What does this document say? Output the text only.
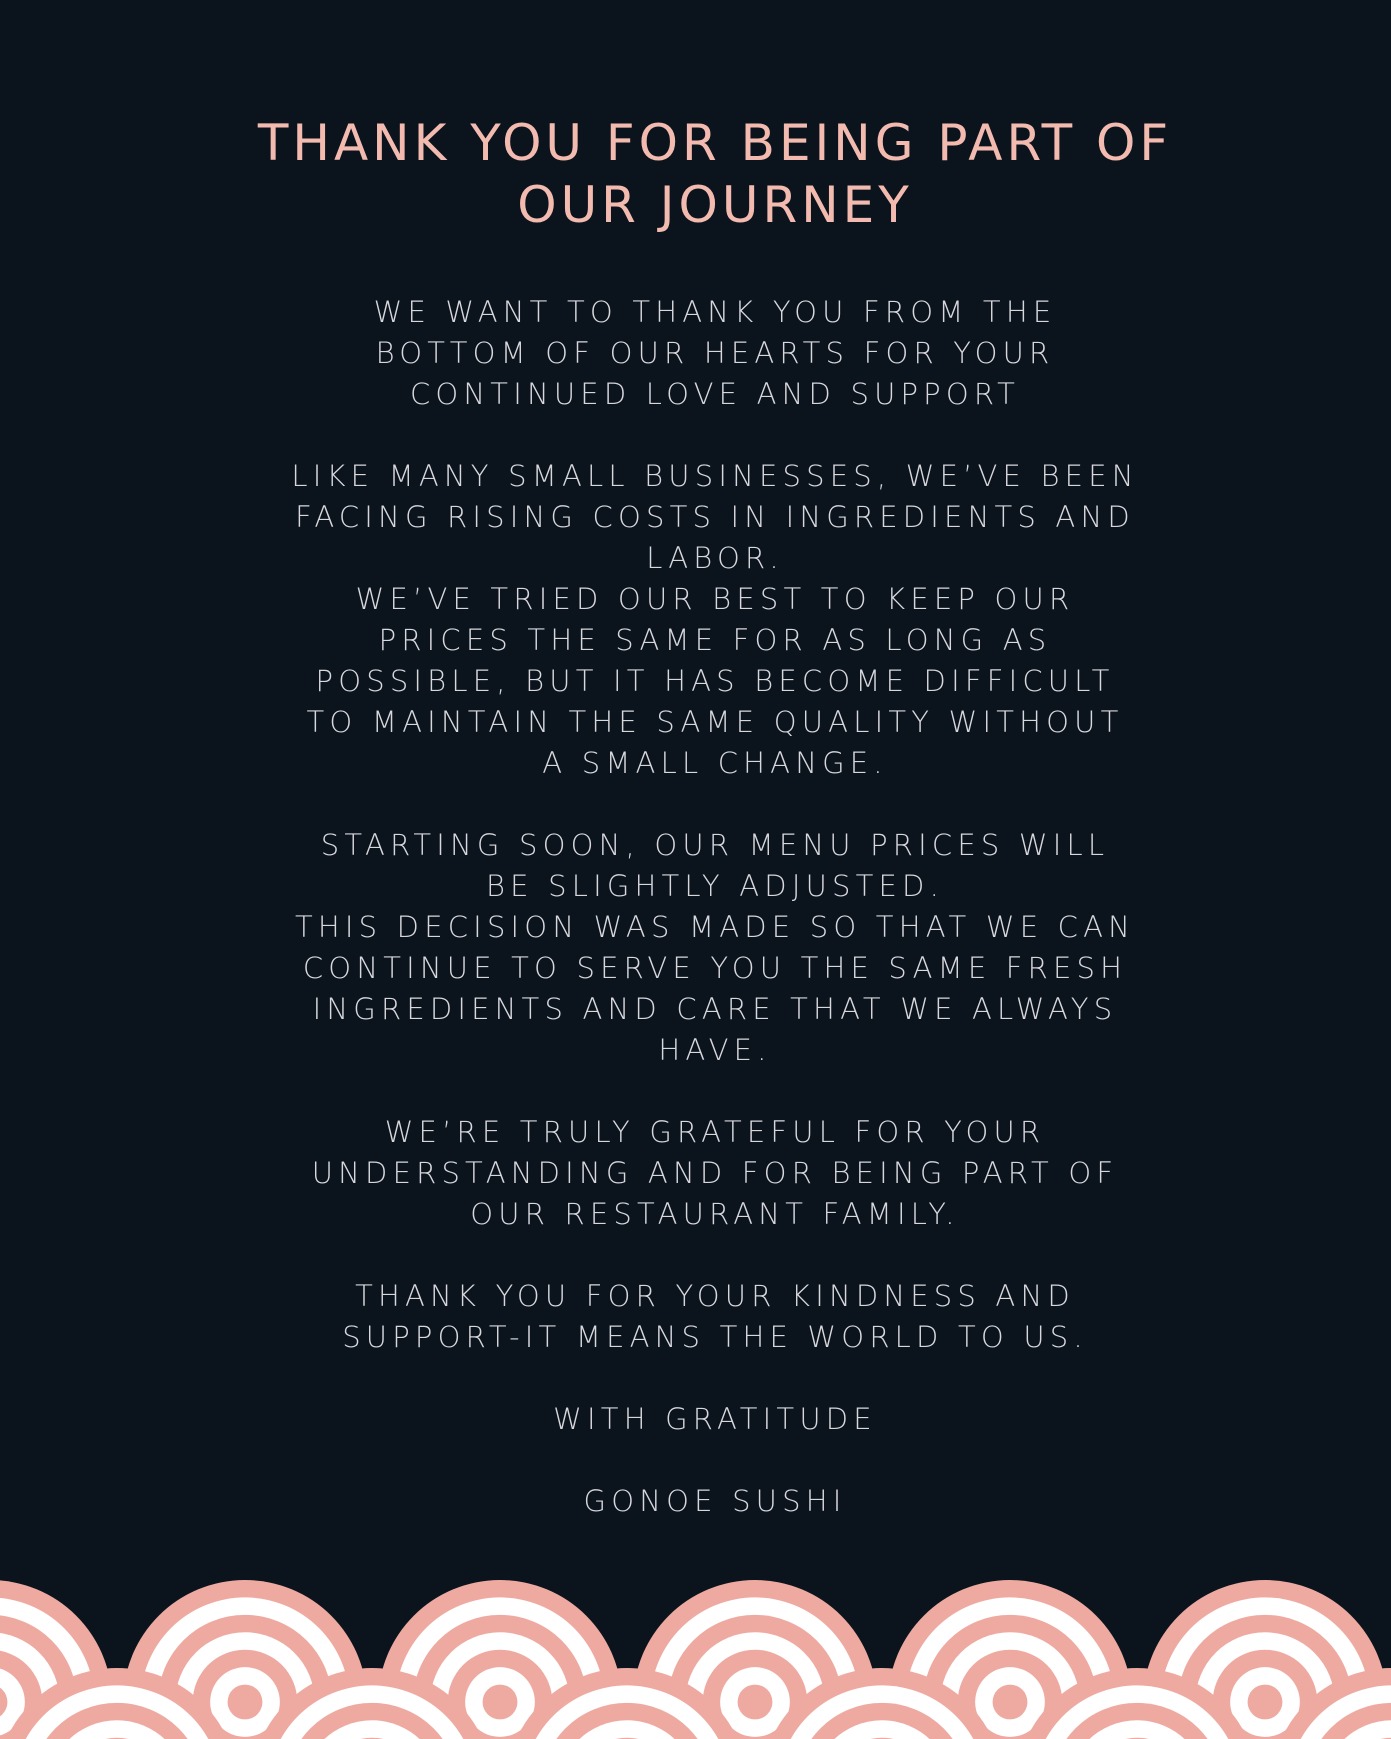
THANK YOU FOR BEING PART OF
OUR JOURNEY
WE WANT TO THANK YOU FROM THE
BOTTOM OF OUR HEARTS FOR YOUR
CONTINUED LOVE AND SUPPORT
LIKE MANY SMALL BUSINESSES, WE’VE BEEN
FACING RISING COSTS IN INGREDIENTS AND
LABOR.
WE’VE TRIED OUR BEST TO KEEP OUR
PRICES THE SAME FOR AS LONG AS
POSSIBLE, BUT IT HAS BECOME DIFFICULT
TO MAINTAIN THE SAME QUALITY WITHOUT
A SMALL CHANGE.
STARTING SOON, OUR MENU PRICES WILL
BE SLIGHTLY ADJUSTED.
THIS DECISION WAS MADE SO THAT WE CAN
CONTINUE TO SERVE YOU THE SAME FRESH
INGREDIENTS AND CARE THAT WE ALWAYS
HAVE.
WE’RE TRULY GRATEFUL FOR YOUR
UNDERSTANDING AND FOR BEING PART OF
OUR RESTAURANT FAMILY.
THANK YOU FOR YOUR KINDNESS AND
SUPPORT-IT MEANS THE WORLD TO US.
WITH GRATITUDE
GONOE SUSHI
